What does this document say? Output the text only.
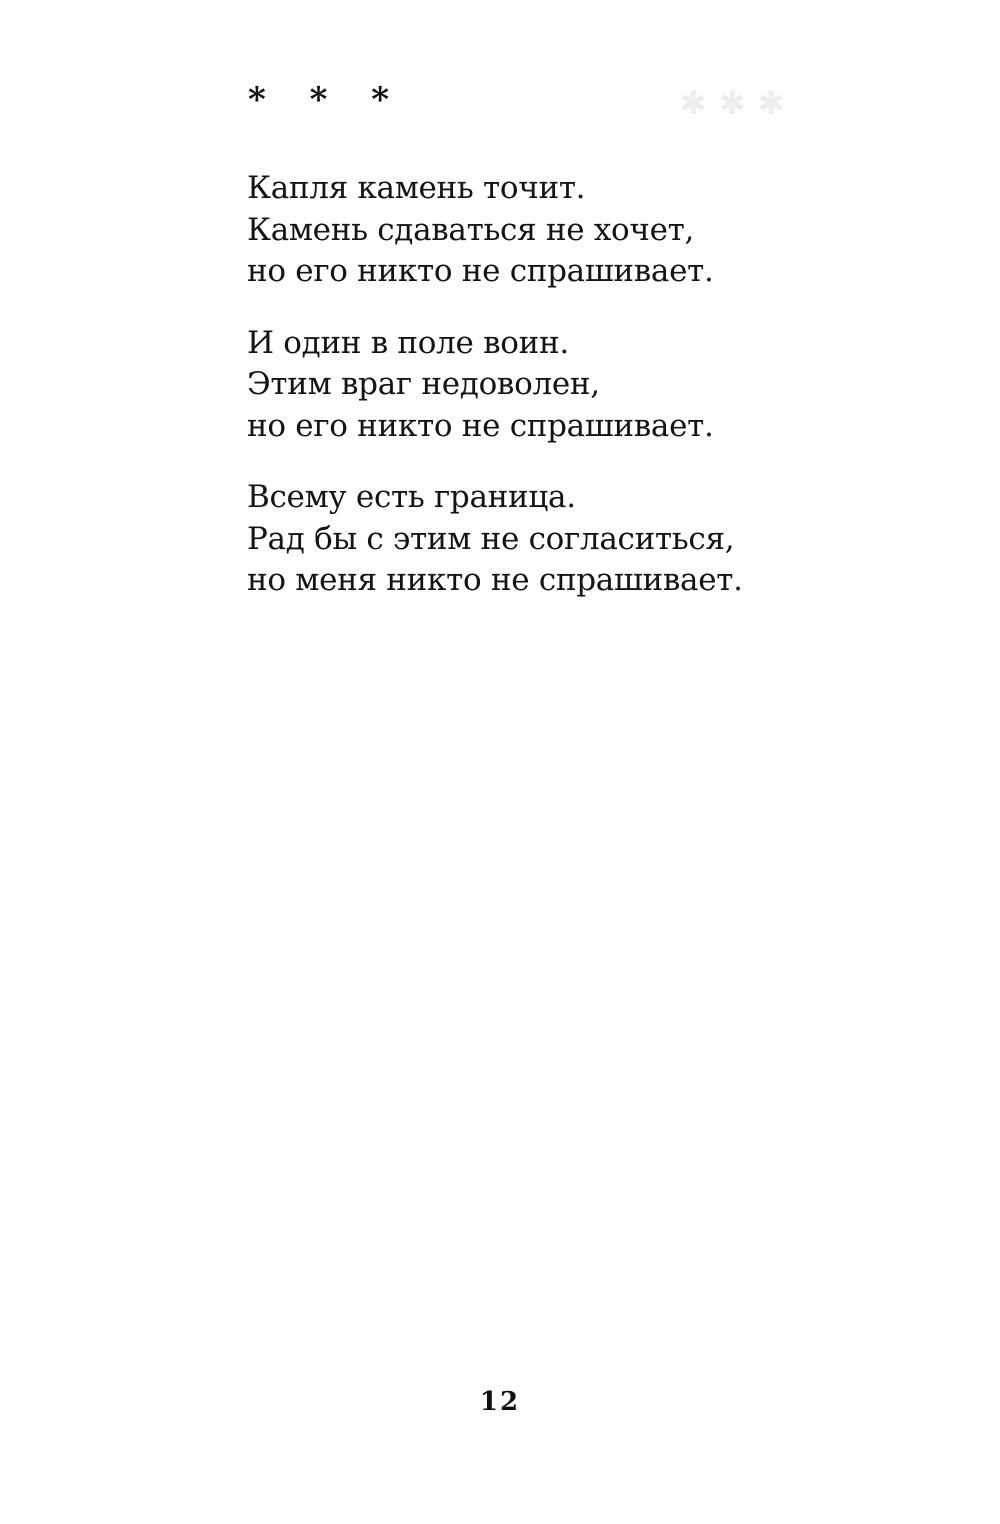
✱✱✱
* * *
Капля камень точит.
Камень сдаваться не хочет,
но его никто не спрашивает.
И один в поле воин.
Этим враг недоволен,
но его никто не спрашивает.
Всему есть граница.
Рад бы с этим не согласиться,
но меня никто не спрашивает.
12
